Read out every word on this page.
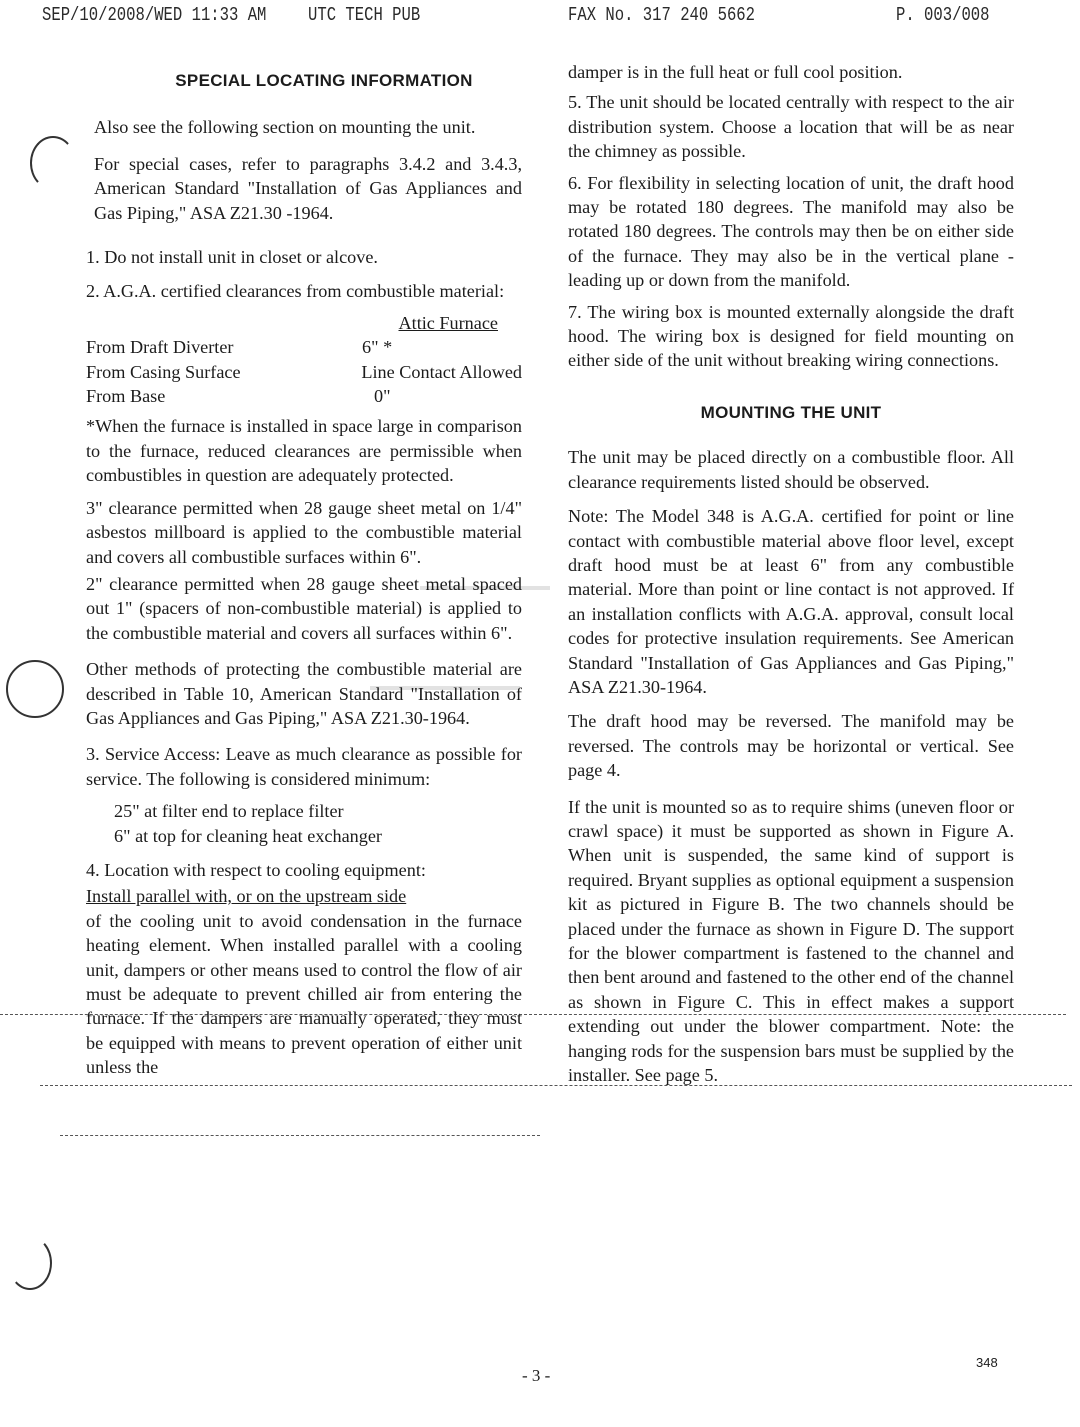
SEP/10/2008/WED 11:33 AM UTC TECH PUB	FAX No. 317 240 5662	P. 003/008
SPECIAL LOCATING INFORMATION

Also see the following section on mounting the unit.

For special cases, refer to paragraphs 3.4.2 and 3.4.3, American Standard "Installation of Gas Appliances and Gas Piping," ASA Z21.30 -1964.

1. Do not install unit in closet or alcove.

2. A.G.A. certified clearances from combustible material:

Attic Furnace
From Draft Diverter	6" *
From Casing Surface	Line Contact Allowed
From Base	0"

*When the furnace is installed in space large in comparison to the furnace, reduced clearances are permissible when combustibles in question are adequately protected.

3" clearance permitted when 28 gauge sheet metal on 1/4" asbestos millboard is applied to the combustible material and covers all combustible surfaces within 6".

2" clearance permitted when 28 gauge sheet metal spaced out 1" (spacers of non-combustible material) is applied to the combustible material and covers all surfaces within 6".

Other methods of protecting the combustible material are described in Table 10, American Standard "Installation of Gas Appliances and Gas Piping," ASA Z21.30-1964.

3. Service Access: Leave as much clearance as possible for service. The following is considered minimum:

25" at filter end to replace filter
6" at top for cleaning heat exchanger

4. Location with respect to cooling equipment:

Install parallel with, or on the upstream side

of the cooling unit to avoid condensation in the furnace heating element. When installed parallel with a cooling unit, dampers or other means used to control the flow of air must be adequate to prevent chilled air from entering the furnace. If the dampers are manually operated, they must be equipped with means to prevent operation of either unit unless the

damper is in the full heat or full cool position.

5. The unit should be located centrally with respect to the air distribution system. Choose a location that will be as near the chimney as possible.

6. For flexibility in selecting location of unit, the draft hood may be rotated 180 degrees. The manifold may also be rotated 180 degrees. The controls may then be on either side of the furnace. They may also be in the vertical plane - leading up or down from the manifold.

7. The wiring box is mounted externally alongside the draft hood. The wiring box is designed for field mounting on either side of the unit without breaking wiring connections.

MOUNTING THE UNIT

The unit may be placed directly on a combustible floor. All clearance requirements listed should be observed.

Note: The Model 348 is A.G.A. certified for point or line contact with combustible material above floor level, except draft hood must be at least 6" from any combustible material. More than point or line contact is not approved. If an installation conflicts with A.G.A. approval, consult local codes for protective insulation requirements. See American Standard "Installation of Gas Appliances and Gas Piping," ASA Z21.30-1964.

The draft hood may be reversed. The manifold may be reversed. The controls may be horizontal or vertical. See page 4.

If the unit is mounted so as to require shims (uneven floor or crawl space) it must be supported as shown in Figure A. When unit is suspended, the same kind of support is required. Bryant supplies as optional equipment a suspension kit as pictured in Figure B. The two channels should be placed under the furnace as shown in Figure D. The support for the blower compartment is fastened to the channel and then bent around and fastened to the other end of the channel as shown in Figure C. This in effect makes a support extending out under the blower compartment. Note: the hanging rods for the suspension bars must be supplied by the installer. See page 5.

- 3 -
348
